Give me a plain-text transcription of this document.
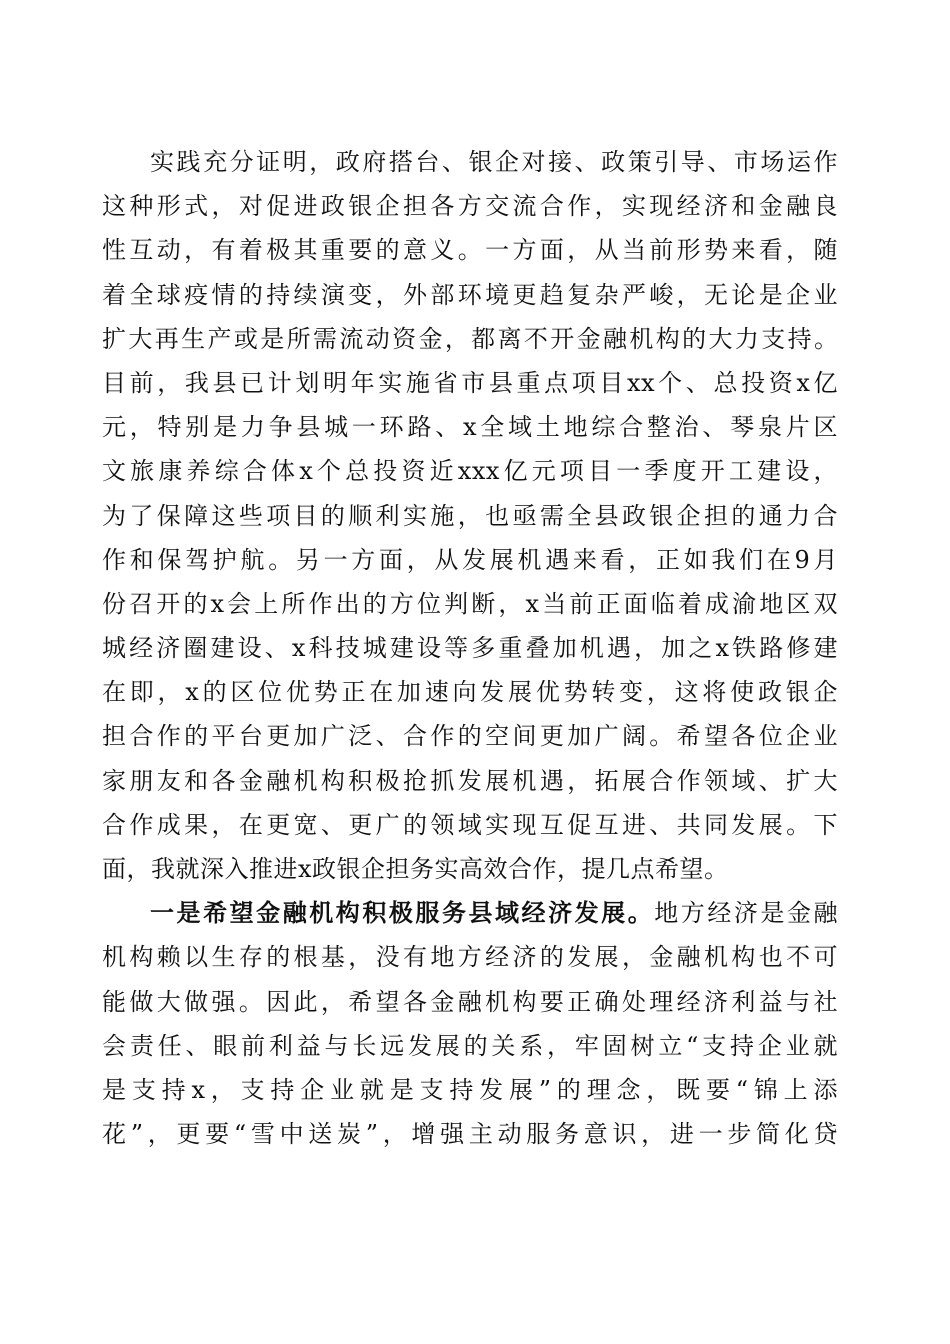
实践充分证明，政府搭台、银企对接、政策引导、市场运作
这种形式，对促进政银企担各方交流合作，实现经济和金融良
性互动，有着极其重要的意义。一方面，从当前形势来看，随
着全球疫情的持续演变，外部环境更趋复杂严峻，无论是企业
扩大再生产或是所需流动资金，都离不开金融机构的大力支持。
目前，我县已计划明年实施省市县重点项目xx个、总投资x亿
元，特别是力争县城一环路、x全域土地综合整治、琴泉片区
文旅康养综合体x个总投资近xxx亿元项目一季度开工建设，
为了保障这些项目的顺利实施，也亟需全县政银企担的通力合
作和保驾护航。另一方面，从发展机遇来看，正如我们在9月
份召开的x会上所作出的方位判断，x当前正面临着成渝地区双
城经济圈建设、x科技城建设等多重叠加机遇，加之x铁路修建
在即，x的区位优势正在加速向发展优势转变，这将使政银企
担合作的平台更加广泛、合作的空间更加广阔。希望各位企业
家朋友和各金融机构积极抢抓发展机遇，拓展合作领域、扩大
合作成果，在更宽、更广的领域实现互促互进、共同发展。下
面，我就深入推进x政银企担务实高效合作，提几点希望。
一是希望金融机构积极服务县域经济发展。地方经济是金融
机构赖以生存的根基，没有地方经济的发展，金融机构也不可
能做大做强。因此，希望各金融机构要正确处理经济利益与社
会责任、眼前利益与长远发展的关系，牢固树立“支持企业就
是支持x，支持企业就是支持发展”的理念，既要“锦上添
花”，更要“雪中送炭”，增强主动服务意识，进一步简化贷
